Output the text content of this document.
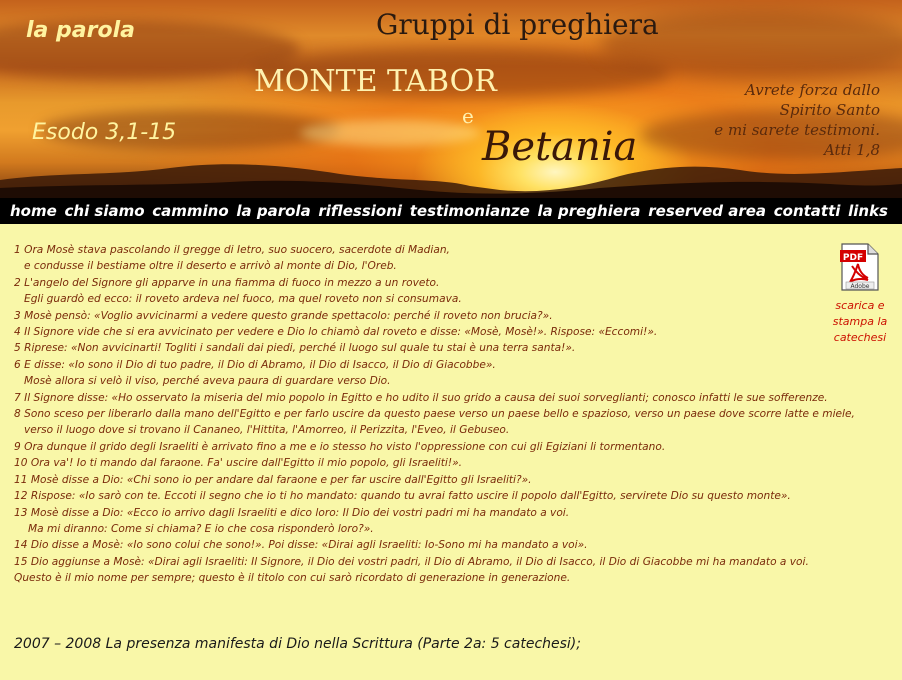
la parola
Esodo 3,1-15
Gruppi di preghiera
MONTE TABOR
e
Betania
Avrete forza dallo
Spirito Santo
e mi sarete testimoni.
Atti 1,8
home chi siamo cammino la parola riflessioni testimonianze la preghiera reserved area contatti links
1 Ora Mosè stava pascolando il gregge di Ietro, suo suocero, sacerdote di Madian,
e condusse il bestiame oltre il deserto e arrivò al monte di Dio, l'Oreb.
2 L'angelo del Signore gli apparve in una fiamma di fuoco in mezzo a un roveto.
Egli guardò ed ecco: il roveto ardeva nel fuoco, ma quel roveto non si consumava.
3 Mosè pensò: «Voglio avvicinarmi a vedere questo grande spettacolo: perché il roveto non brucia?».
4 Il Signore vide che si era avvicinato per vedere e Dio lo chiamò dal roveto e disse: «Mosè, Mosè!». Rispose: «Eccomi!».
5 Riprese: «Non avvicinarti! Togliti i sandali dai piedi, perché il luogo sul quale tu stai è una terra santa!».
6 E disse: «Io sono il Dio di tuo padre, il Dio di Abramo, il Dio di Isacco, il Dio di Giacobbe».
Mosè allora si velò il viso, perché aveva paura di guardare verso Dio.
7 Il Signore disse: «Ho osservato la miseria del mio popolo in Egitto e ho udito il suo grido a causa dei suoi sorveglianti; conosco infatti le sue sofferenze.
8 Sono sceso per liberarlo dalla mano dell'Egitto e per farlo uscire da questo paese verso un paese bello e spazioso, verso un paese dove scorre latte e miele,
verso il luogo dove si trovano il Cananeo, l'Hittita, l'Amorreo, il Perizzita, l'Eveo, il Gebuseo.
9 Ora dunque il grido degli Israeliti è arrivato fino a me e io stesso ho visto l'oppressione con cui gli Egiziani li tormentano.
10 Ora va'! Io ti mando dal faraone. Fa' uscire dall'Egitto il mio popolo, gli Israeliti!».
11 Mosè disse a Dio: «Chi sono io per andare dal faraone e per far uscire dall'Egitto gli Israeliti?».
12 Rispose: «Io sarò con te. Eccoti il segno che io ti ho mandato: quando tu avrai fatto uscire il popolo dall'Egitto, servirete Dio su questo monte».
13 Mosè disse a Dio: «Ecco io arrivo dagli Israeliti e dico loro: Il Dio dei vostri padri mi ha mandato a voi.
Ma mi diranno: Come si chiama? E io che cosa risponderò loro?».
14 Dio disse a Mosè: «Io sono colui che sono!». Poi disse: «Dirai agli Israeliti: Io-Sono mi ha mandato a voi».
15 Dio aggiunse a Mosè: «Dirai agli Israeliti: Il Signore, il Dio dei vostri padri, il Dio di Abramo, il Dio di Isacco, il Dio di Giacobbe mi ha mandato a voi.
Questo è il mio nome per sempre; questo è il titolo con cui sarò ricordato di generazione in generazione.
PDF
Adobe
scarica e
stampa la
catechesi
2007 – 2008 La presenza manifesta di Dio nella Scrittura (Parte 2a: 5 catechesi);
